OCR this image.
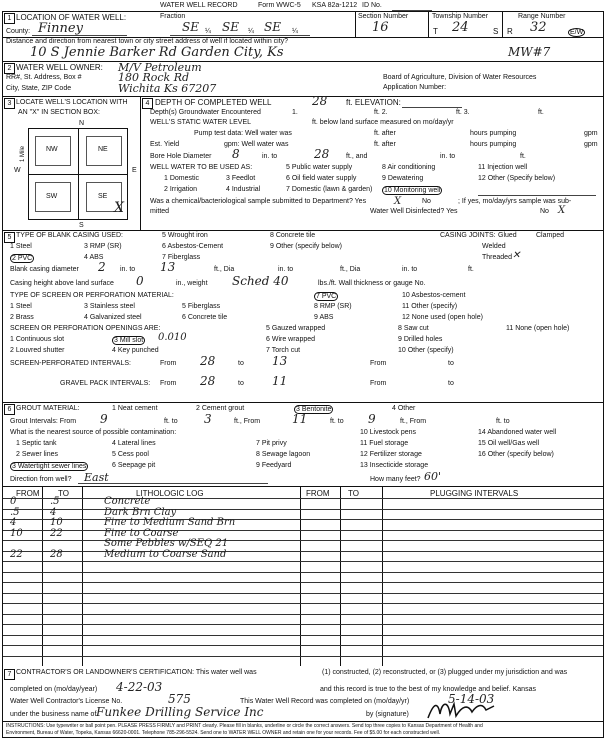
WATER WELL RECORD	Form WWC-5 KSA 82a-1212 ID No.
1 LOCATION OF WATER WELL:	Fraction	Section Number	Township Number	Range Number
County: Finney	SE ¼ SE ¼ SE ¼	16	T 24	S R 32	E/W
Distance and direction from nearest town or city street address of well if located within city?
10 S Jennie Barker Rd Garden City, Ks	MW#7
2 WATER WELL OWNER: M/V Petroleum
RR#, St. Address, Box #	180 Rock Rd
City, State, ZIP Code	Wichita Ks 67207
Board of Agriculture, Division of Water Resources
Application Number:
3 LOCATE WELL'S LOCATION WITH
AN "X" IN SECTION BOX:
N
S
W	E
NW	NE
SW	SE
1 Mile
X
4 DEPTH OF COMPLETED WELL	28 ft. ELEVATION:
Depth(s) Groundwater Encountered	1.	ft. 2.	ft. 3.	ft.
WELL'S STATIC WATER LEVEL	ft. below land surface measured on mo/day/yr
Pump test data: Well water was	ft. after	hours pumping	gpm
Est. Yield	gpm: Well water was	ft. after	hours pumping	gpm
Bore Hole Diameter 8	in. to	28 ft., and	in. to	ft.
WELL WATER TO BE USED AS:
1 Domestic
2 Irrigation
3 Feedlot
4 Industrial
5 Public water supply
6 Oil field water supply
7 Domestic (lawn & garden)
8 Air conditioning
9 Dewatering
10 Monitoring well
11 Injection well
12 Other (Specify below)
Was a chemical/bacteriological sample submitted to Department? Yes	X	No	; If yes, mo/day/yrs sample was sub-
mitted	Water Well Disinfected? Yes	No X
5 TYPE OF BLANK CASING USED:
1 Steel
2 PVC
3 RMP (SR)
4 ABS
5 Wrought iron
6 Asbestos-Cement
7 Fiberglass
8 Concrete tile
9 Other (specify below)
CASING JOINTS: Glued	Clamped
Welded
Threaded ✕
Blank casing diameter 2 in. to 13	ft., Dia	in. to	ft., Dia	in. to	ft.
Casing height above land surface 0	in., weight Sched 40	lbs./ft. Wall thickness or gauge No.
TYPE OF SCREEN OR PERFORATION MATERIAL:
1 Steel
2 Brass
3 Stainless steel
4 Galvanized steel
5 Fiberglass
6 Concrete tile
7 PVC
8 RMP (SR)
9 ABS
10 Asbestos-cement
11 Other (specify)
12 None used (open hole)
SCREEN OR PERFORATION OPENINGS ARE:
1 Continuous slot
2 Louvred shutter
3 Mill slot 0.010
4 Key punched
5 Gauzed wrapped
6 Wire wrapped
7 Torch cut
8 Saw cut
9 Drilled holes
10 Other (specify)
11 None (open hole)
SCREEN-PERFORATED INTERVALS:	From 28	to 13	From	to
GRAVEL PACK INTERVALS: From 28	to 11	From	to
6 GROUT MATERIAL:	1 Neat cement	2 Cement grout	3 Bentonite	4 Other
Grout Intervals: From 9	ft. to 3	ft., From	11	ft. to 9	ft., From	ft. to
What is the nearest source of possible contamination:
1 Septic tank
2 Sewer lines
3 Watertight sewer lines
4 Lateral lines
5 Cess pool
6 Seepage pit
7 Pit privy
8 Sewage lagoon
9 Feedyard
10 Livestock pens
11 Fuel storage
12 Fertilizer storage
13 Insecticide storage
14 Abandoned water well
15 Oil well/Gas well
16 Other (specify below)
Direction from well? East	How many feet? 60'
FROM TO	LITHOLOGIC LOG	FROM TO	PLUGGING INTERVALS
0	.5	Concrete
.5	4	Dark Brn Clay
4	10	Fine to Medium Sand Brn
10	22	Fine to Coarse
Some Pebbles w/SEQ 21
22	28	Medium to Coarse Sand
7 CONTRACTOR'S OR LANDOWNER'S CERTIFICATION: This water well was	(1) constructed, (2) reconstructed, or (3) plugged under my jurisdiction and was
completed on (mo/day/year) 4-22-03	and this record is true to the best of my knowledge and belief. Kansas
Water Well Contractor's License No.	575	This Water Well Record was completed on (mo/day/yr)	5-14-03
under the business name of Funkee Drilling Service Inc	by (signature)
INSTRUCTIONS: Use typewriter or ball point pen. PLEASE PRESS FIRMLY and PRINT clearly. Please fill in blanks, underline or circle the correct answers. Send top three copies to Kansas Department of Health and
Environment, Bureau of Water, Topeka, Kansas 66620-0001. Telephone 785-296-5524. Send one to WATER WELL OWNER and retain one for your records. Fee of $5.00 for each constructed well.
